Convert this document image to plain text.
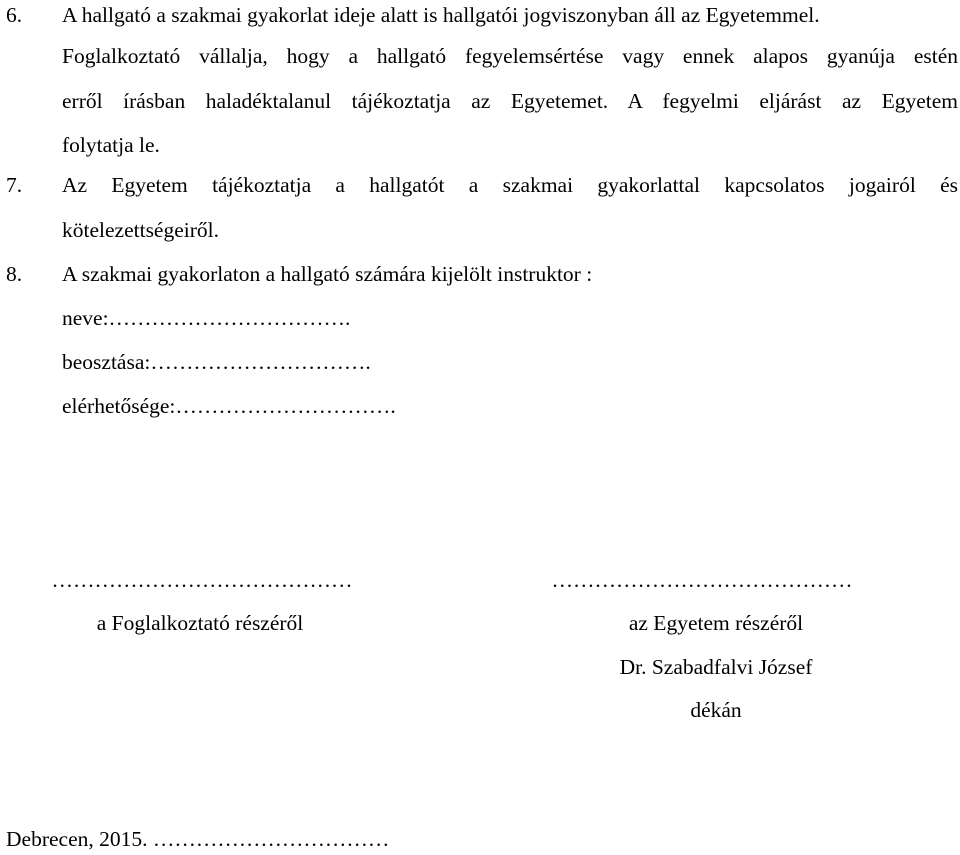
6. A hallgató a szakmai gyakorlat ideje alatt is hallgatói jogviszonyban áll az Egyetemmel.
Foglalkoztató vállalja, hogy a hallgató fegyelemsértése vagy ennek alapos gyanúja estén
erről írásban haladéktalanul tájékoztatja az Egyetemet. A fegyelmi eljárást az Egyetem
folytatja le.
7. Az Egyetem tájékoztatja a hallgatót a szakmai gyakorlattal kapcsolatos jogairól és
kötelezettségeiről.
8. A szakmai gyakorlaton a hallgató számára kijelölt instruktor :
neve:…………………………….
beosztása:………………………….
elérhetősége:………………………….
……………………………………
a Foglalkoztató részéről
……………………………………
az Egyetem részéről
Dr. Szabadfalvi József
dékán
Debrecen, 2015. ……………………………
